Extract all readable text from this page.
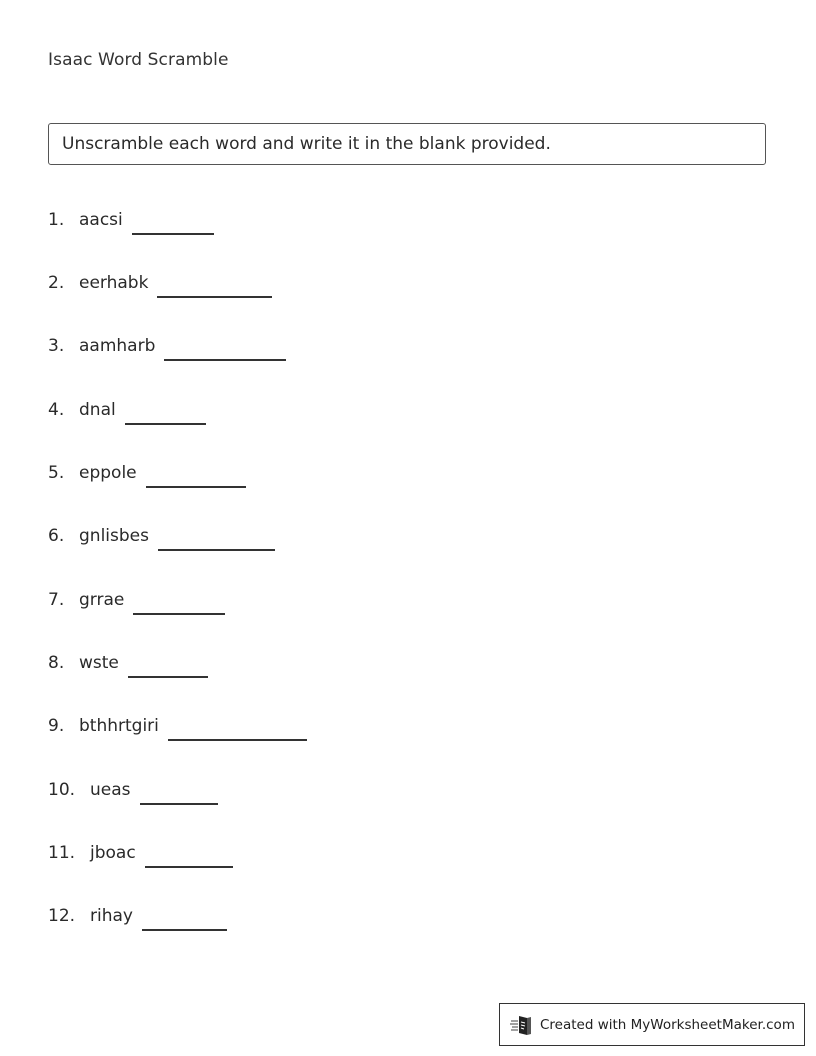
Isaac Word Scramble
Unscramble each word and write it in the blank provided.
1. aacsi
2. eerhabk
3. aamharb
4. dnal
5. eppole
6. gnlisbes
7. grrae
8. wste
9. bthhrtgiri
10. ueas
11. jboac
12. rihay
Created with MyWorksheetMaker.com
